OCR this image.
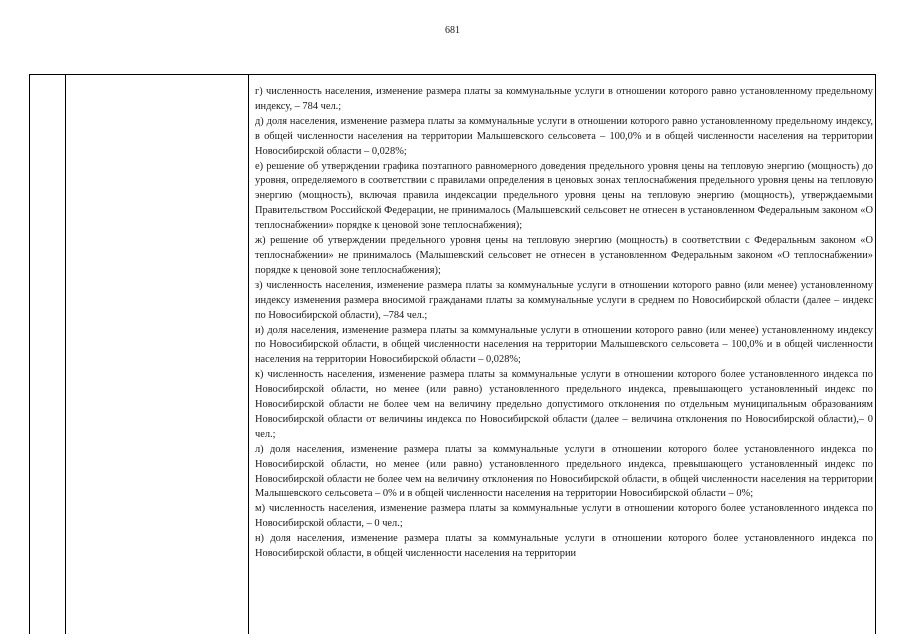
681

г) численность населения, изменение размера платы за коммунальные услуги в отношении которого равно установленному предельному индексу, – 784 чел.;

д) доля населения, изменение размера платы за коммунальные услуги в отношении которого равно установленному предельному индексу, в общей численности населения на территории Малышевского сельсовета – 100,0% и в общей численности населения на территории Новосибирской области – 0,028%;

е) решение об утверждении графика поэтапного равномерного доведения предельного уровня цены на тепловую энергию (мощность) до уровня, определяемого в соответствии с правилами определения в ценовых зонах теплоснабжения предельного уровня цены на тепловую энергию (мощность), включая правила индексации предельного уровня цены на тепловую энергию (мощность), утверждаемыми Правительством Российской Федерации, не принималось (Малышевский сельсовет не отнесен в установленном Федеральным законом «О теплоснабжении» порядке к ценовой зоне теплоснабжения);

ж) решение об утверждении предельного уровня цены на тепловую энергию (мощность) в соответствии с Федеральным законом «О теплоснабжении» не принималось (Малышевский сельсовет не отнесен в установленном Федеральным законом «О теплоснабжении» порядке к ценовой зоне теплоснабжения);

з) численность населения, изменение размера платы за коммунальные услуги в отношении которого равно (или менее) установленному индексу изменения размера вносимой гражданами платы за коммунальные услуги в среднем по Новосибирской области (далее – индекс по Новосибирской области), –784 чел.;

и) доля населения, изменение размера платы за коммунальные услуги в отношении которого равно (или менее) установленному индексу по Новосибирской области, в общей численности населения на территории Малышевского сельсовета – 100,0% и в общей численности населения на территории Новосибирской области – 0,028%;

к) численность населения, изменение размера платы за коммунальные услуги в отношении которого более установленного индекса по Новосибирской области, но менее (или равно) установленного предельного индекса, превышающего установленный индекс по Новосибирской области не более чем на величину предельно допустимого отклонения по отдельным муниципальным образованиям Новосибирской области от величины индекса по Новосибирской области (далее – величина отклонения по Новосибирской области),– 0 чел.;

л) доля населения, изменение размера платы за коммунальные услуги в отношении которого более установленного индекса по Новосибирской области, но менее (или равно) установленного предельного индекса, превышающего установленный индекс по Новосибирской области не более чем на величину отклонения по Новосибирской области, в общей численности населения на территории Малышевского сельсовета – 0% и в общей численности населения на территории Новосибирской области – 0%;

м) численность населения, изменение размера платы за коммунальные услуги в отношении которого более установленного индекса по Новосибирской области, – 0 чел.;

н) доля населения, изменение размера платы за коммунальные услуги в отношении которого более установленного индекса по Новосибирской области, в общей численности населения на территории
